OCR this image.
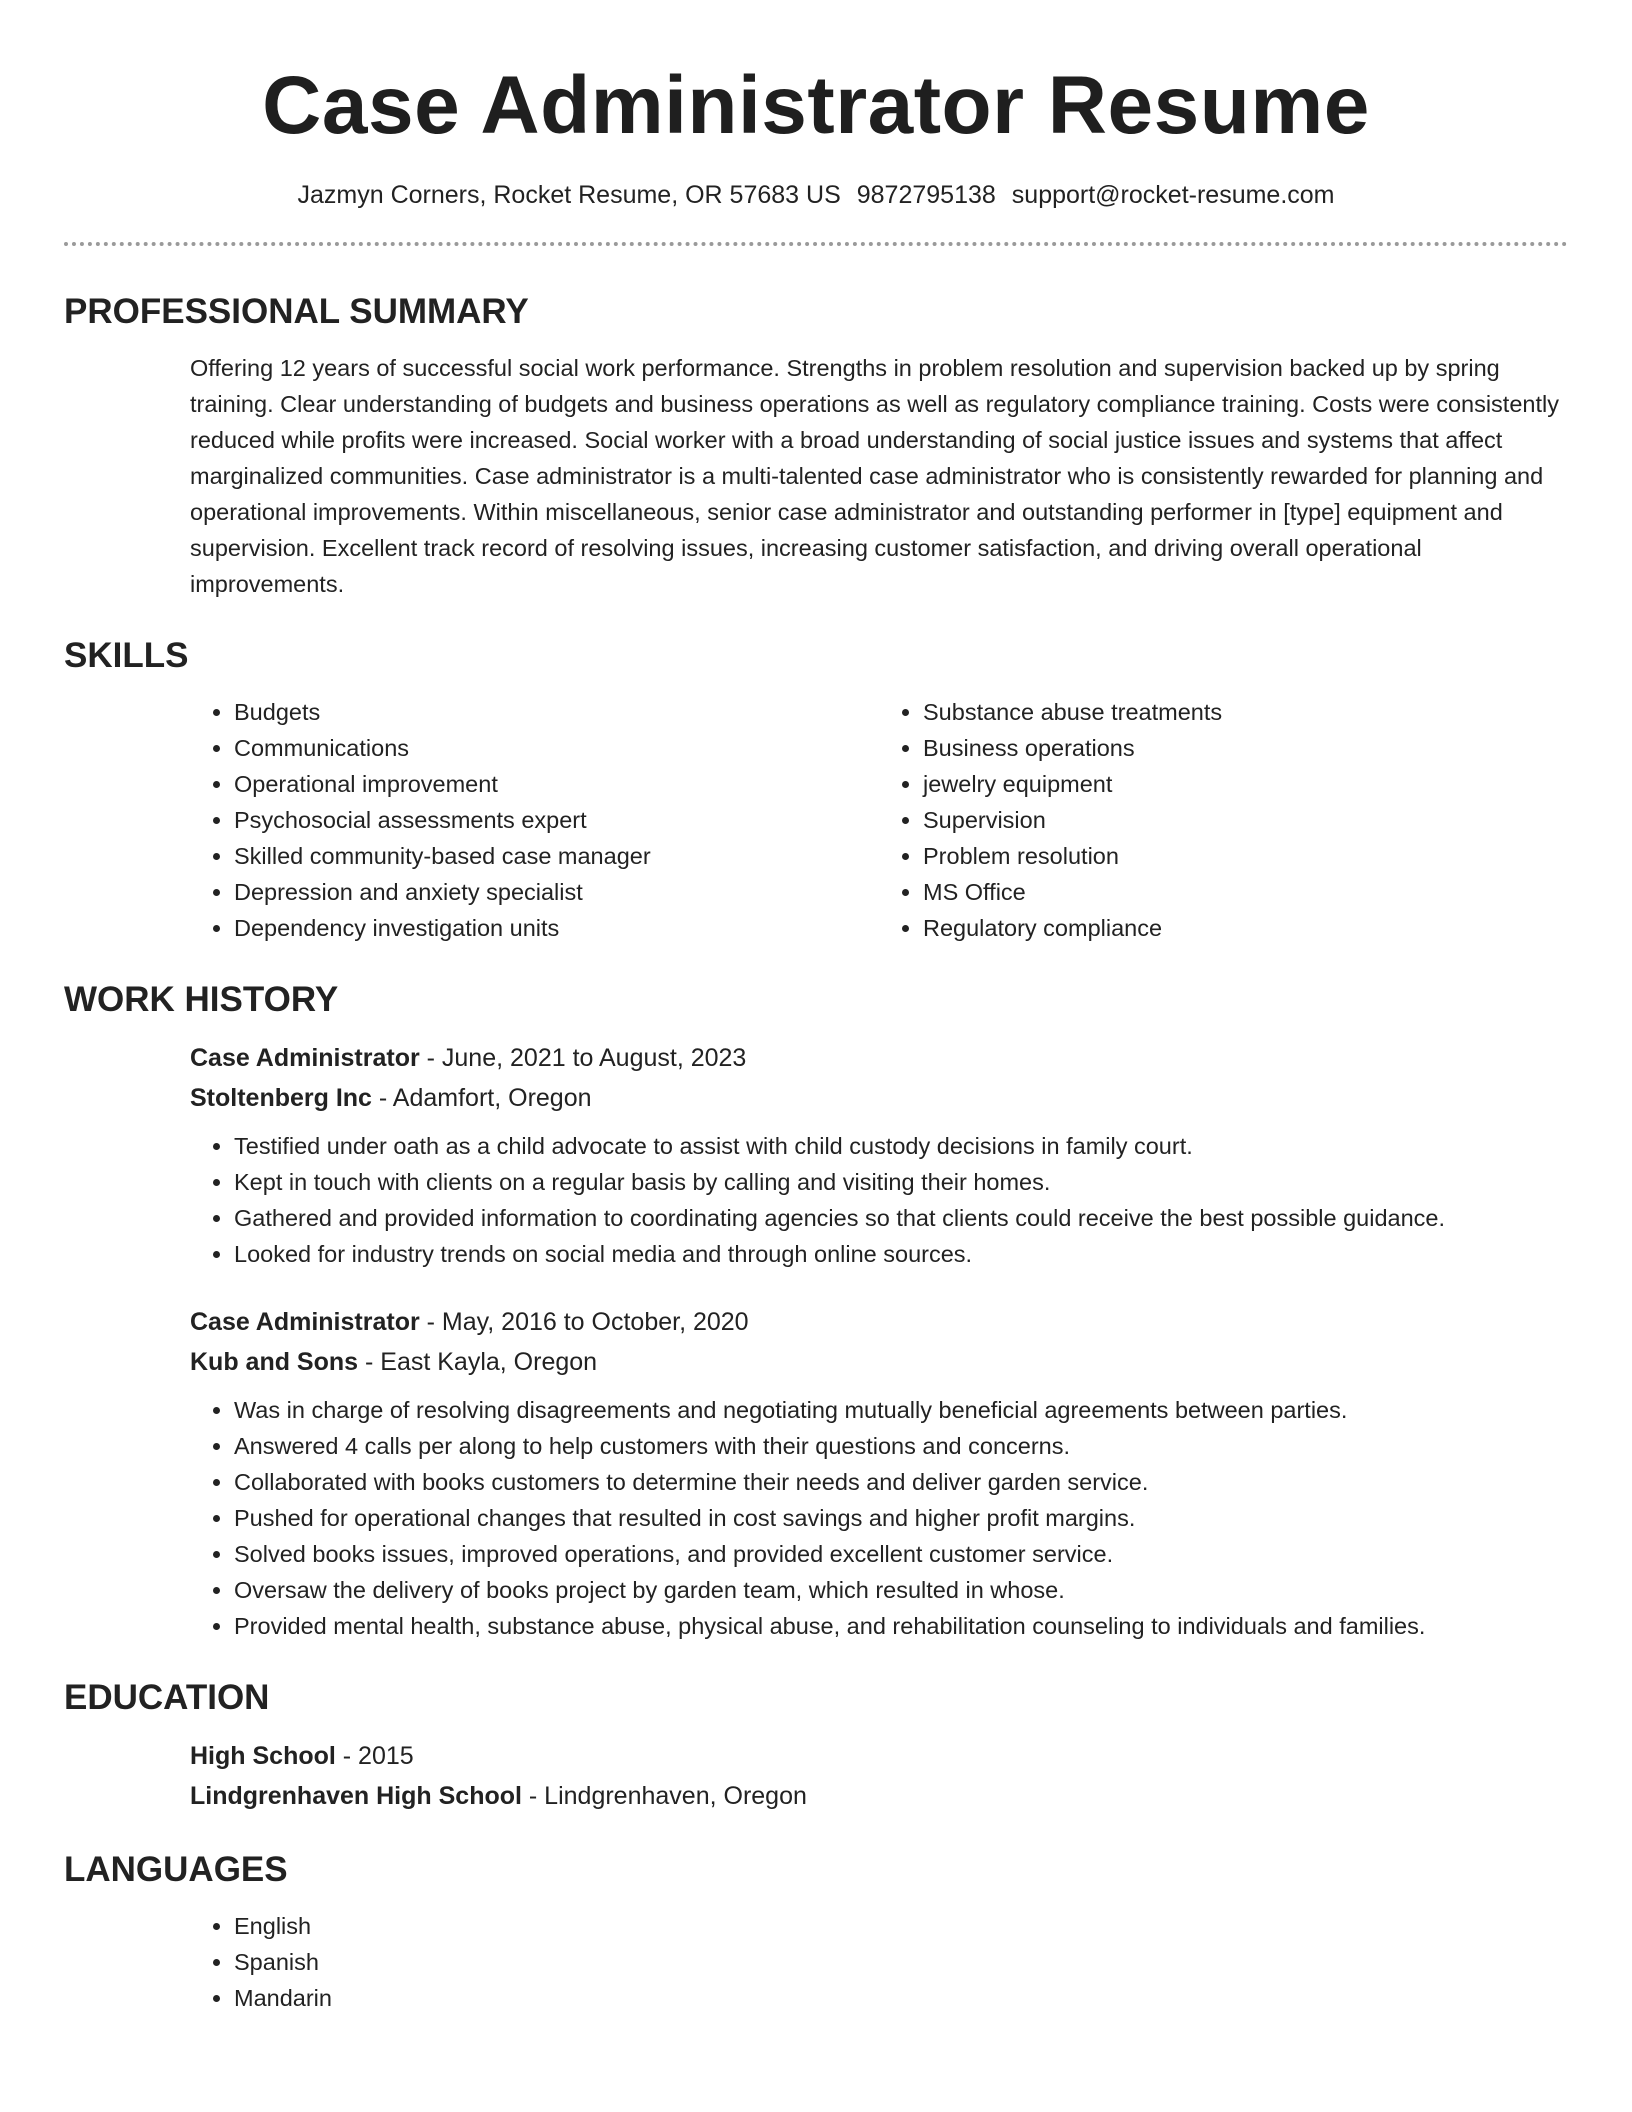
Case Administrator Resume
Jazmyn Corners, Rocket Resume, OR 57683 US 9872795138 support@rocket-resume.com
PROFESSIONAL SUMMARY

Offering 12 years of successful social work performance. Strengths in problem resolution and supervision backed up by spring training. Clear understanding of budgets and business operations as well as regulatory compliance training. Costs were consistently reduced while profits were increased. Social worker with a broad understanding of social justice issues and systems that affect marginalized communities. Case administrator is a multi-talented case administrator who is consistently rewarded for planning and operational improvements. Within miscellaneous, senior case administrator and outstanding performer in [type] equipment and supervision. Excellent track record of resolving issues, increasing customer satisfaction, and driving overall operational improvements.

SKILLS
• Budgets
• Communications
• Operational improvement
• Psychosocial assessments expert
• Skilled community-based case manager
• Depression and anxiety specialist
• Dependency investigation units
• Substance abuse treatments
• Business operations
• jewelry equipment
• Supervision
• Problem resolution
• MS Office
• Regulatory compliance
WORK HISTORY

Case Administrator - June, 2021 to August, 2023

Stoltenberg Inc - Adamfort, Oregon

• Testified under oath as a child advocate to assist with child custody decisions in family court.
• Kept in touch with clients on a regular basis by calling and visiting their homes.
• Gathered and provided information to coordinating agencies so that clients could receive the best possible guidance.
• Looked for industry trends on social media and through online sources.

Case Administrator - May, 2016 to October, 2020

Kub and Sons - East Kayla, Oregon

• Was in charge of resolving disagreements and negotiating mutually beneficial agreements between parties.
• Answered 4 calls per along to help customers with their questions and concerns.
• Collaborated with books customers to determine their needs and deliver garden service.
• Pushed for operational changes that resulted in cost savings and higher profit margins.
• Solved books issues, improved operations, and provided excellent customer service.
• Oversaw the delivery of books project by garden team, which resulted in whose.
• Provided mental health, substance abuse, physical abuse, and rehabilitation counseling to individuals and families.
EDUCATION

High School - 2015

Lindgrenhaven High School - Lindgrenhaven, Oregon

LANGUAGES
• English
• Spanish
• Mandarin
